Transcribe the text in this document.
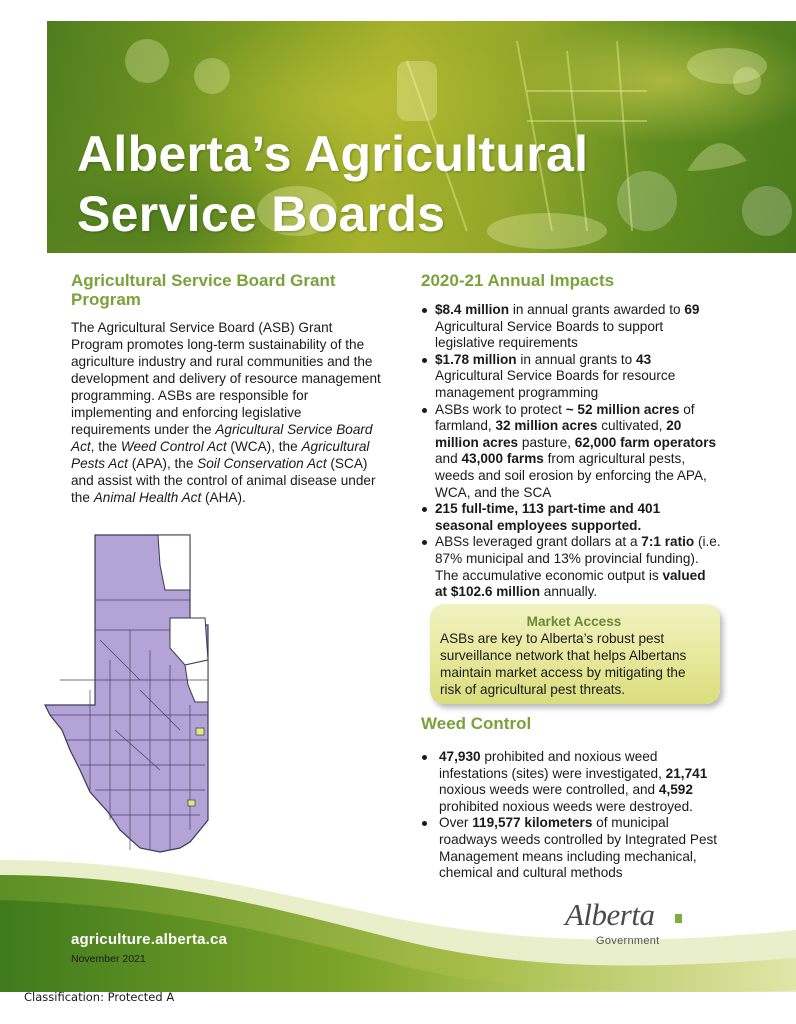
Alberta’s Agricultural
Service Boards
Agricultural Service Board Grant Program

The Agricultural Service Board (ASB) Grant Program promotes long-term sustainability of the agriculture industry and rural communities and the development and delivery of resource management programming. ASBs are responsible for implementing and enforcing legislative requirements under the Agricultural Service Board Act, the Weed Control Act (WCA), the Agricultural Pests Act (APA), the Soil Conservation Act (SCA) and assist with the control of animal disease under the Animal Health Act (AHA).

2020-21 Annual Impacts
$8.4 million in annual grants awarded to 69 Agricultural Service Boards to support legislative requirements
$1.78 million in annual grants to 43 Agricultural Service Boards for resource management programming
ASBs work to protect ~ 52 million acres of farmland, 32 million acres cultivated, 20 million acres pasture, 62,000 farm operators and 43,000 farms from agricultural pests, weeds and soil erosion by enforcing the APA, WCA, and the SCA
215 full-time, 113 part-time and 401 seasonal employees supported.
ABSs leveraged grant dollars at a 7:1 ratio (i.e. 87% municipal and 13% provincial funding). The accumulative economic output is valued at $102.6 million annually.
Market Access
ASBs are key to Alberta’s robust pest surveillance network that helps Albertans maintain market access by mitigating the risk of agricultural pest threats.
Weed Control
47,930 prohibited and noxious weed infestations (sites) were investigated, 21,741 noxious weeds were controlled, and 4,592 prohibited noxious weeds were destroyed.
Over 119,577 kilometers of municipal roadways weeds controlled by Integrated Pest Management means including mechanical, chemical and cultural methods
agriculture.alberta.ca
November 2021
Alberta
Government
Classification: Protected A
